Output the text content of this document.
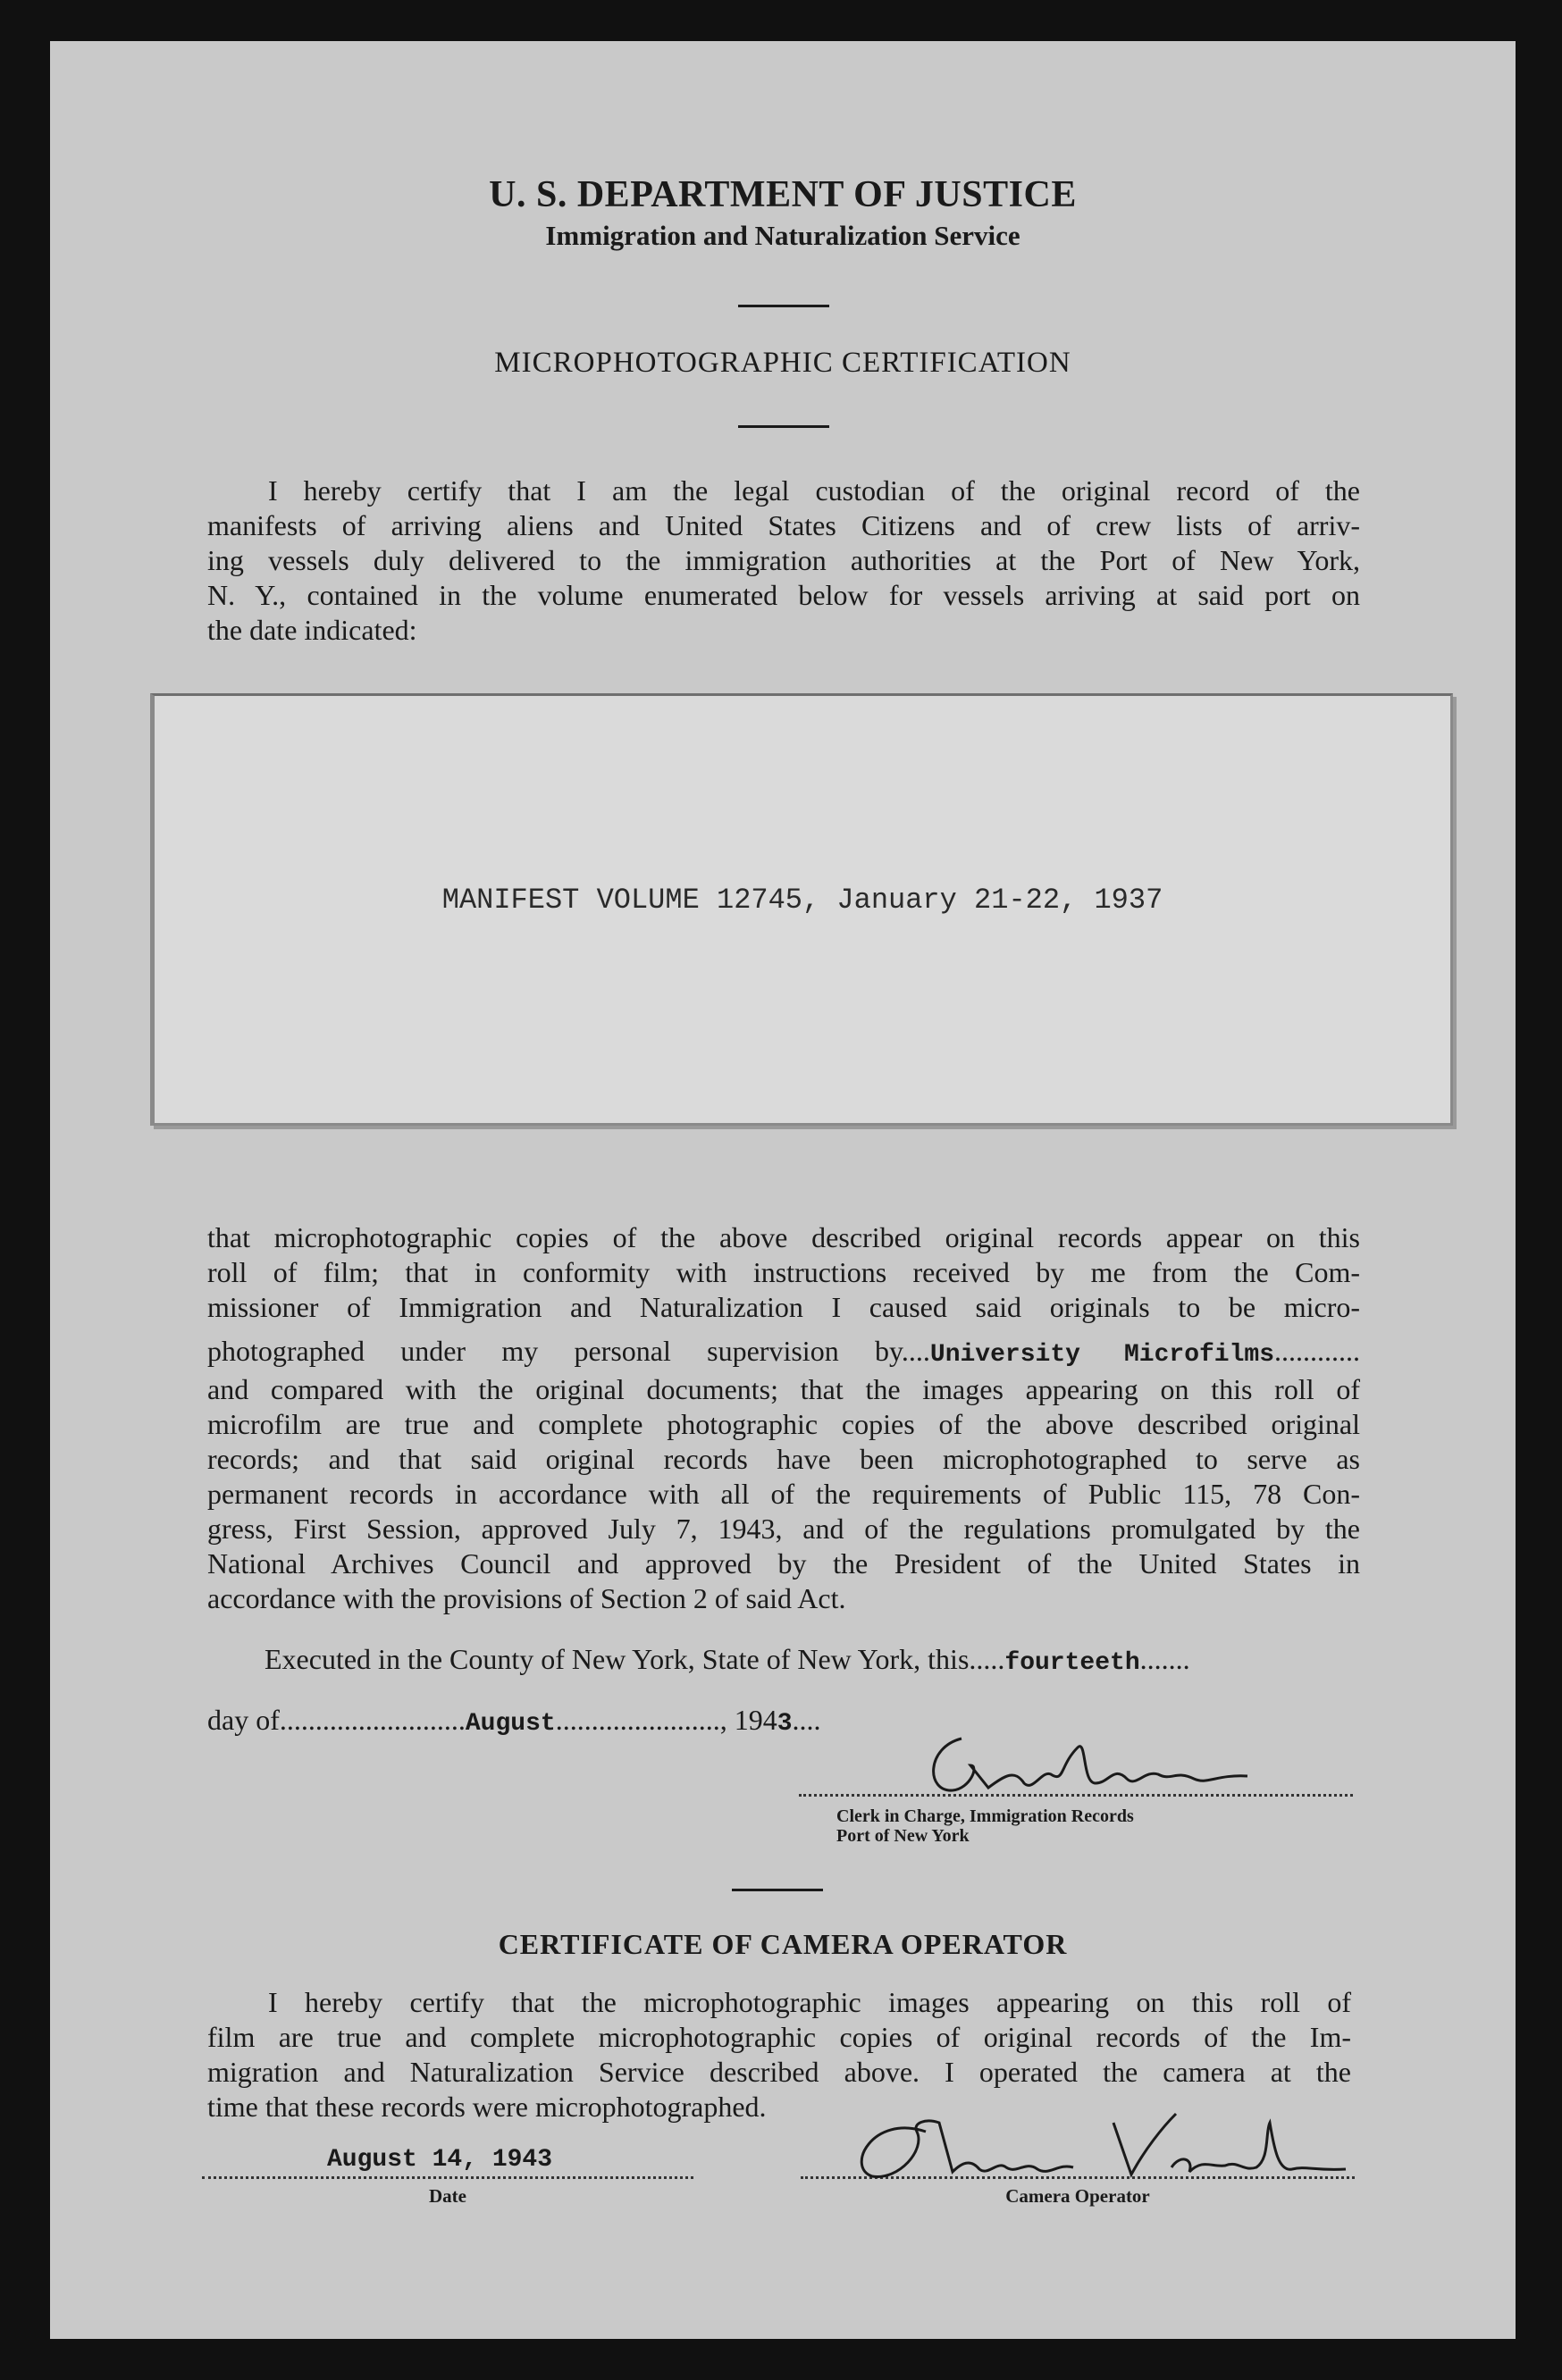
U. S. DEPARTMENT OF JUSTICE
Immigration and Naturalization Service
MICROPHOTOGRAPHIC CERTIFICATION
I hereby certify that I am the legal custodian of the original record of the
manifests of arriving aliens and United States Citizens and of crew lists of arriv-
ing vessels duly delivered to the immigration authorities at the Port of New York,
N. Y., contained in the volume enumerated below for vessels arriving at said port on
the date indicated:
MANIFEST VOLUME 12745, January 21-22, 1937
that microphotographic copies of the above described original records appear on this
roll of film; that in conformity with instructions received by me from the Com-
missioner of Immigration and Naturalization I caused said originals to be micro-
photographed under my personal supervision by....University Microfilms............
and compared with the original documents; that the images appearing on this roll of
microfilm are true and complete photographic copies of the above described original
records; and that said original records have been microphotographed to serve as
permanent records in accordance with all of the requirements of Public 115, 78 Con-
gress, First Session, approved July 7, 1943, and of the regulations promulgated by the
National Archives Council and approved by the President of the United States in
accordance with the provisions of Section 2 of said Act.
Executed in the County of New York, State of New York, this.....fourteeth.......
day of..........................August......................., 1943....
Clerk in Charge, Immigration Records
Port of New York
CERTIFICATE OF CAMERA OPERATOR
I hereby certify that the microphotographic images appearing on this roll of
film are true and complete microphotographic copies of original records of the Im-
migration and Naturalization Service described above. I operated the camera at the
time that these records were microphotographed.
August 14, 1943
Date	Camera Operator
